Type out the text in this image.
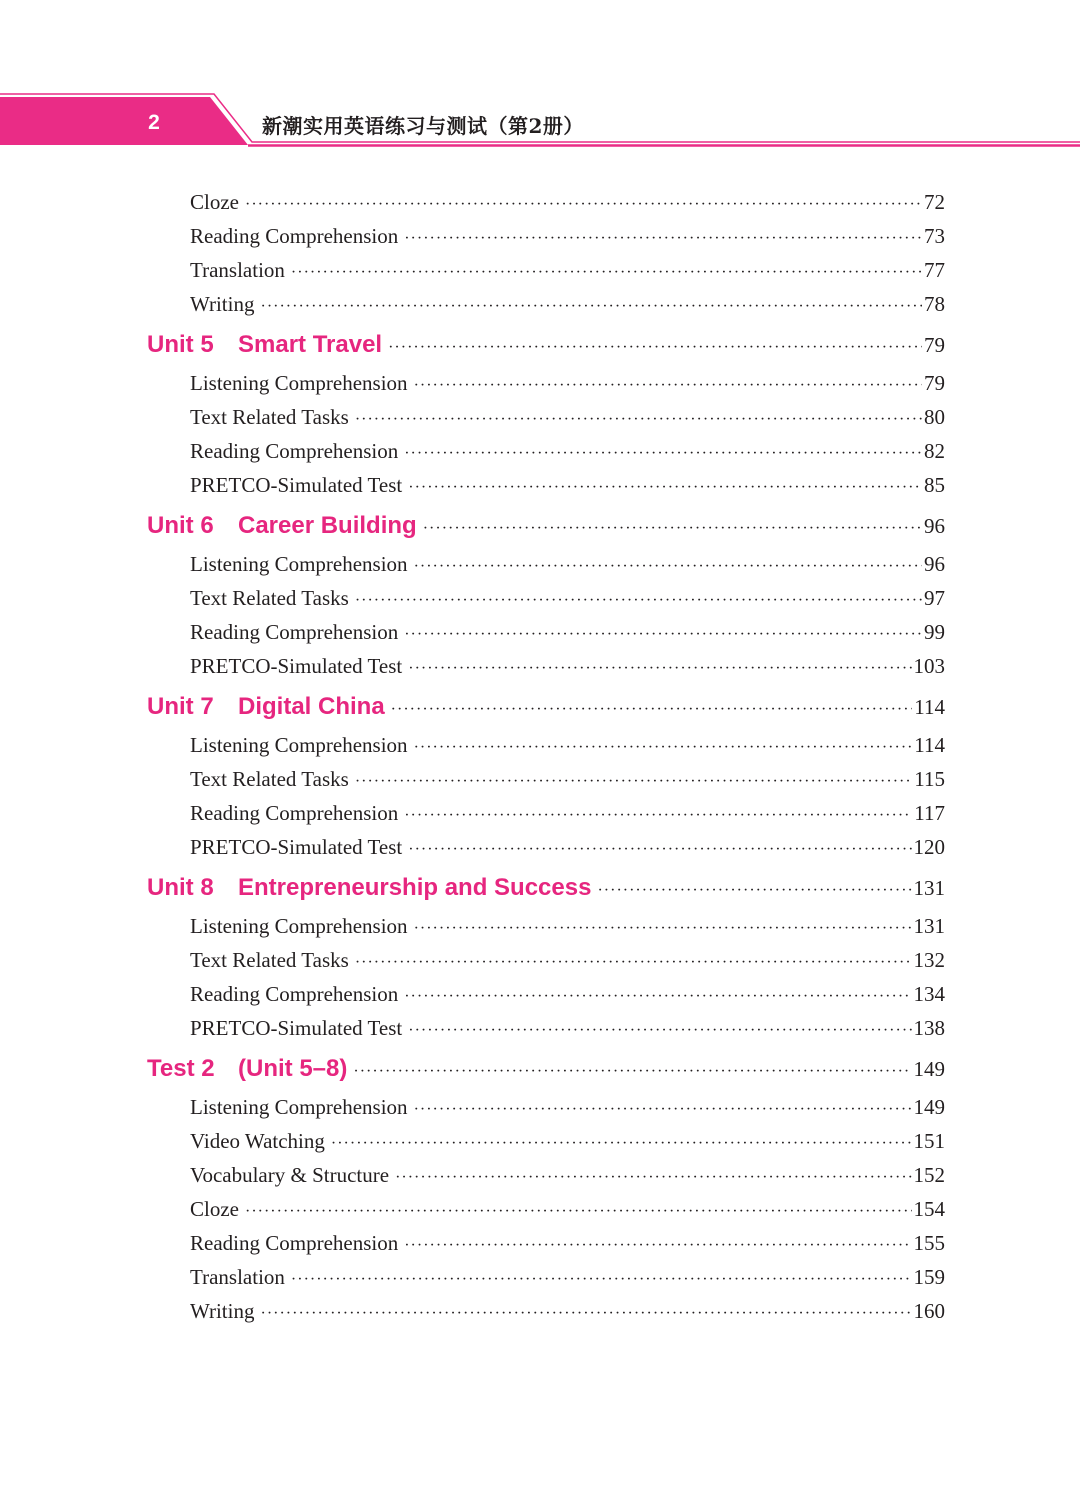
2	新潮实用英语练习与测试（第2册）
Cloze ·····	72
Reading Comprehension ·····	73
Translation ·····	77
Writing ·····	78
Unit 5 Smart Travel ·····	79
Listening Comprehension ·····	79
Text Related Tasks ·····	80
Reading Comprehension ·····	82
PRETCO-Simulated Test ·····	85
Unit 6 Career Building ·····	96
Listening Comprehension ·····	96
Text Related Tasks ·····	97
Reading Comprehension ·····	99
PRETCO-Simulated Test ·····	103
Unit 7 Digital China ·····	114
Listening Comprehension ·····	114
Text Related Tasks ·····	115
Reading Comprehension ·····	117
PRETCO-Simulated Test ·····	120
Unit 8 Entrepreneurship and Success ·····	131
Listening Comprehension ·····	131
Text Related Tasks ·····	132
Reading Comprehension ·····	134
PRETCO-Simulated Test ·····	138
Test 2 (Unit 5–8) ·····	149
Listening Comprehension ·····	149
Video Watching ·····	151
Vocabulary & Structure ·····	152
Cloze ·····	154
Reading Comprehension ·····	155
Translation ·····	159
Writing ·····	160
